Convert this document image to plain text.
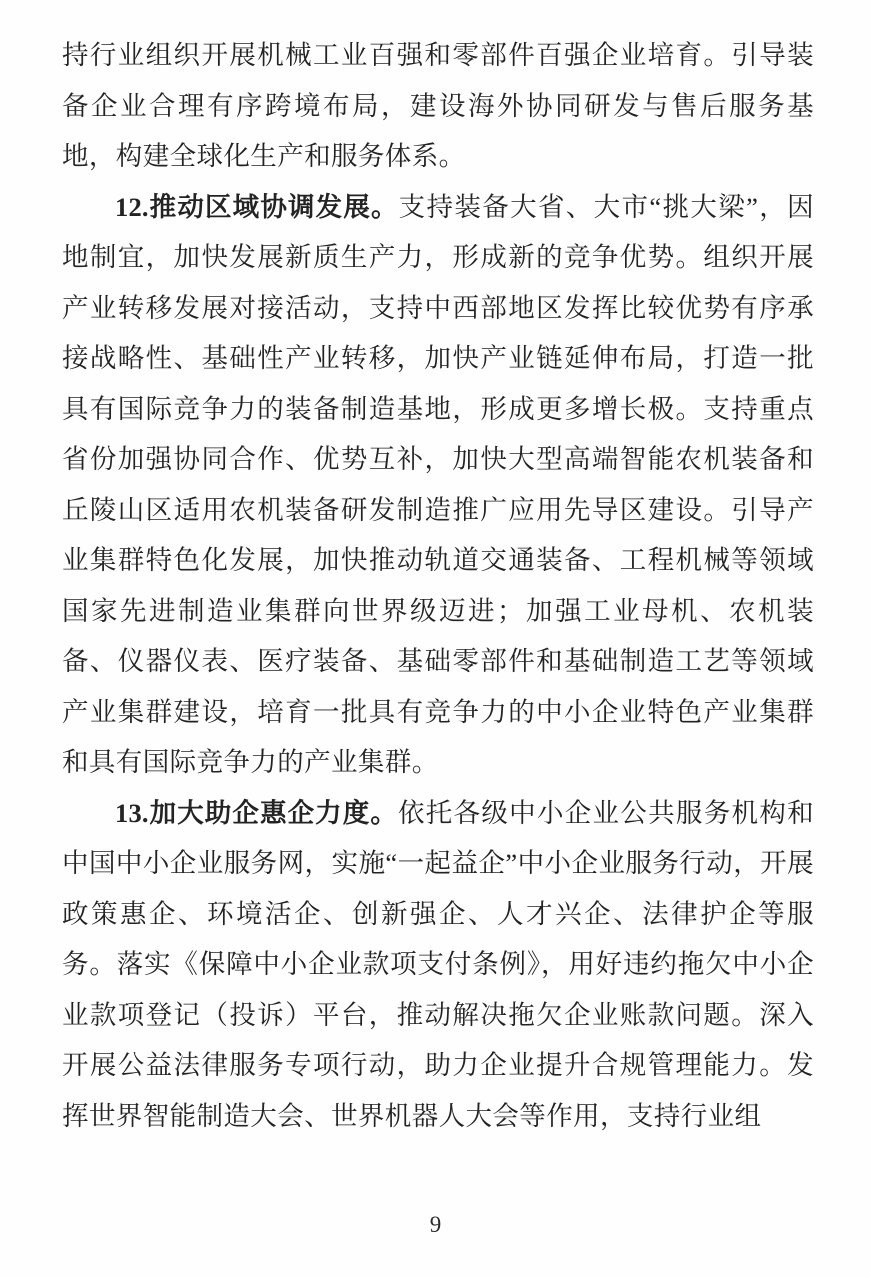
持行业组织开展机械工业百强和零部件百强企业培育。引导装备企业合理有序跨境布局，建设海外协同研发与售后服务基地，构建全球化生产和服务体系。

12.推动区域协调发展。支持装备大省、大市“挑大梁”，因地制宜，加快发展新质生产力，形成新的竞争优势。组织开展产业转移发展对接活动，支持中西部地区发挥比较优势有序承接战略性、基础性产业转移，加快产业链延伸布局，打造一批具有国际竞争力的装备制造基地，形成更多增长极。支持重点省份加强协同合作、优势互补，加快大型高端智能农机装备和丘陵山区适用农机装备研发制造推广应用先导区建设。引导产业集群特色化发展，加快推动轨道交通装备、工程机械等领域国家先进制造业集群向世界级迈进；加强工业母机、农机装备、仪器仪表、医疗装备、基础零部件和基础制造工艺等领域产业集群建设，培育一批具有竞争力的中小企业特色产业集群和具有国际竞争力的产业集群。

13.加大助企惠企力度。依托各级中小企业公共服务机构和中国中小企业服务网，实施“一起益企”中小企业服务行动，开展政策惠企、环境活企、创新强企、人才兴企、法律护企等服务。落实《保障中小企业款项支付条例》，用好违约拖欠中小企业款项登记（投诉）平台，推动解决拖欠企业账款问题。深入开展公益法律服务专项行动，助力企业提升合规管理能力。发挥世界智能制造大会、世界机器人大会等作用，支持行业组

9
